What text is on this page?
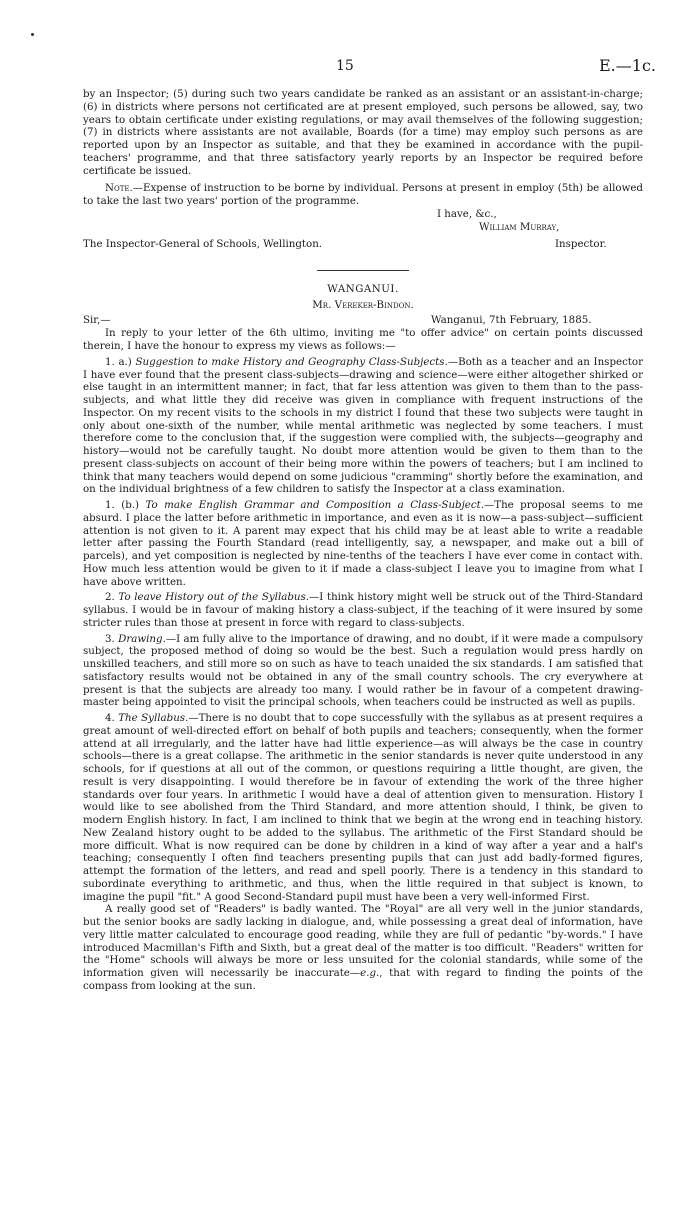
15	E.—1c.

by an Inspector; (5) during such two years candidate be ranked as an assistant or an assistant-in-charge; (6) in districts where persons not certificated are at present employed, such persons be allowed, say, two years to obtain certificate under existing regulations, or may avail themselves of the following suggestion; (7) in districts where assistants are not available, Boards (for a time) may employ such persons as are reported upon by an Inspector as suitable, and that they be examined in accordance with the pupil-teachers' programme, and that three satisfactory yearly reports by an Inspector be required before certificate be issued.

Note.—Expense of instruction to be borne by individual. Persons at present in employ (5th) be allowed to take the last two years' portion of the programme.

I have, &c.,
William Murray,
The Inspector-General of Schools, Wellington.	Inspector.

WANGANUI.

Mr. Vereker-Bindon.

Sir,—	Wanganui, 7th February, 1885.

In reply to your letter of the 6th ultimo, inviting me "to offer advice" on certain points discussed therein, I have the honour to express my views as follows:—

1. a.) Suggestion to make History and Geography Class-Subjects.—Both as a teacher and an Inspector I have ever found that the present class-subjects—drawing and science—were either altogether shirked or else taught in an intermittent manner; in fact, that far less attention was given to them than to the pass-subjects, and what little they did receive was given in compliance with frequent instructions of the Inspector. On my recent visits to the schools in my district I found that these two subjects were taught in only about one-sixth of the number, while mental arithmetic was neglected by some teachers. I must therefore come to the conclusion that, if the suggestion were complied with, the subjects—geography and history—would not be carefully taught. No doubt more attention would be given to them than to the present class-subjects on account of their being more within the powers of teachers; but I am inclined to think that many teachers would depend on some judicious "cramming" shortly before the examination, and on the individual brightness of a few children to satisfy the Inspector at a class examination.

1. (b.) To make English Grammar and Composition a Class-Subject.—The proposal seems to me absurd. I place the latter before arithmetic in importance, and even as it is now—a pass-subject—sufficient attention is not given to it. A parent may expect that his child may be at least able to write a readable letter after passing the Fourth Standard (read intelligently, say, a newspaper, and make out a bill of parcels), and yet composition is neglected by nine-tenths of the teachers I have ever come in contact with. How much less attention would be given to it if made a class-subject I leave you to imagine from what I have above written.

2. To leave History out of the Syllabus.—I think history might well be struck out of the Third-Standard syllabus. I would be in favour of making history a class-subject, if the teaching of it were insured by some stricter rules than those at present in force with regard to class-subjects.

3. Drawing.—I am fully alive to the importance of drawing, and no doubt, if it were made a compulsory subject, the proposed method of doing so would be the best. Such a regulation would press hardly on unskilled teachers, and still more so on such as have to teach unaided the six standards. I am satisfied that satisfactory results would not be obtained in any of the small country schools. The cry everywhere at present is that the subjects are already too many. I would rather be in favour of a competent drawing-master being appointed to visit the principal schools, when teachers could be instructed as well as pupils.

4. The Syllabus.—There is no doubt that to cope successfully with the syllabus as at present requires a great amount of well-directed effort on behalf of both pupils and teachers; consequently, when the former attend at all irregularly, and the latter have had little experience—as will always be the case in country schools—there is a great collapse. The arithmetic in the senior standards is never quite understood in any schools, for if questions at all out of the common, or questions requiring a little thought, are given, the result is very disappointing. I would therefore be in favour of extending the work of the three higher standards over four years. In arithmetic I would have a deal of attention given to mensuration. History I would like to see abolished from the Third Standard, and more attention should, I think, be given to modern English history. In fact, I am inclined to think that we begin at the wrong end in teaching history. New Zealand history ought to be added to the syllabus. The arithmetic of the First Standard should be more difficult. What is now required can be done by children in a kind of way after a year and a half's teaching; consequently I often find teachers presenting pupils that can just add badly-formed figures, attempt the formation of the letters, and read and spell poorly. There is a tendency in this standard to subordinate everything to arithmetic, and thus, when the little required in that subject is known, to imagine the pupil "fit." A good Second-Standard pupil must have been a very well-informed First.

A really good set of "Readers" is badly wanted. The "Royal" are all very well in the junior standards, but the senior books are sadly lacking in dialogue, and, while possessing a great deal of information, have very little matter calculated to encourage good reading, while they are full of pedantic "by-words." I have introduced Macmillan's Fifth and Sixth, but a great deal of the matter is too difficult. "Readers" written for the "Home" schools will always be more or less unsuited for the colonial standards, while some of the information given will necessarily be inaccurate—e.g., that with regard to finding the points of the compass from looking at the sun.
